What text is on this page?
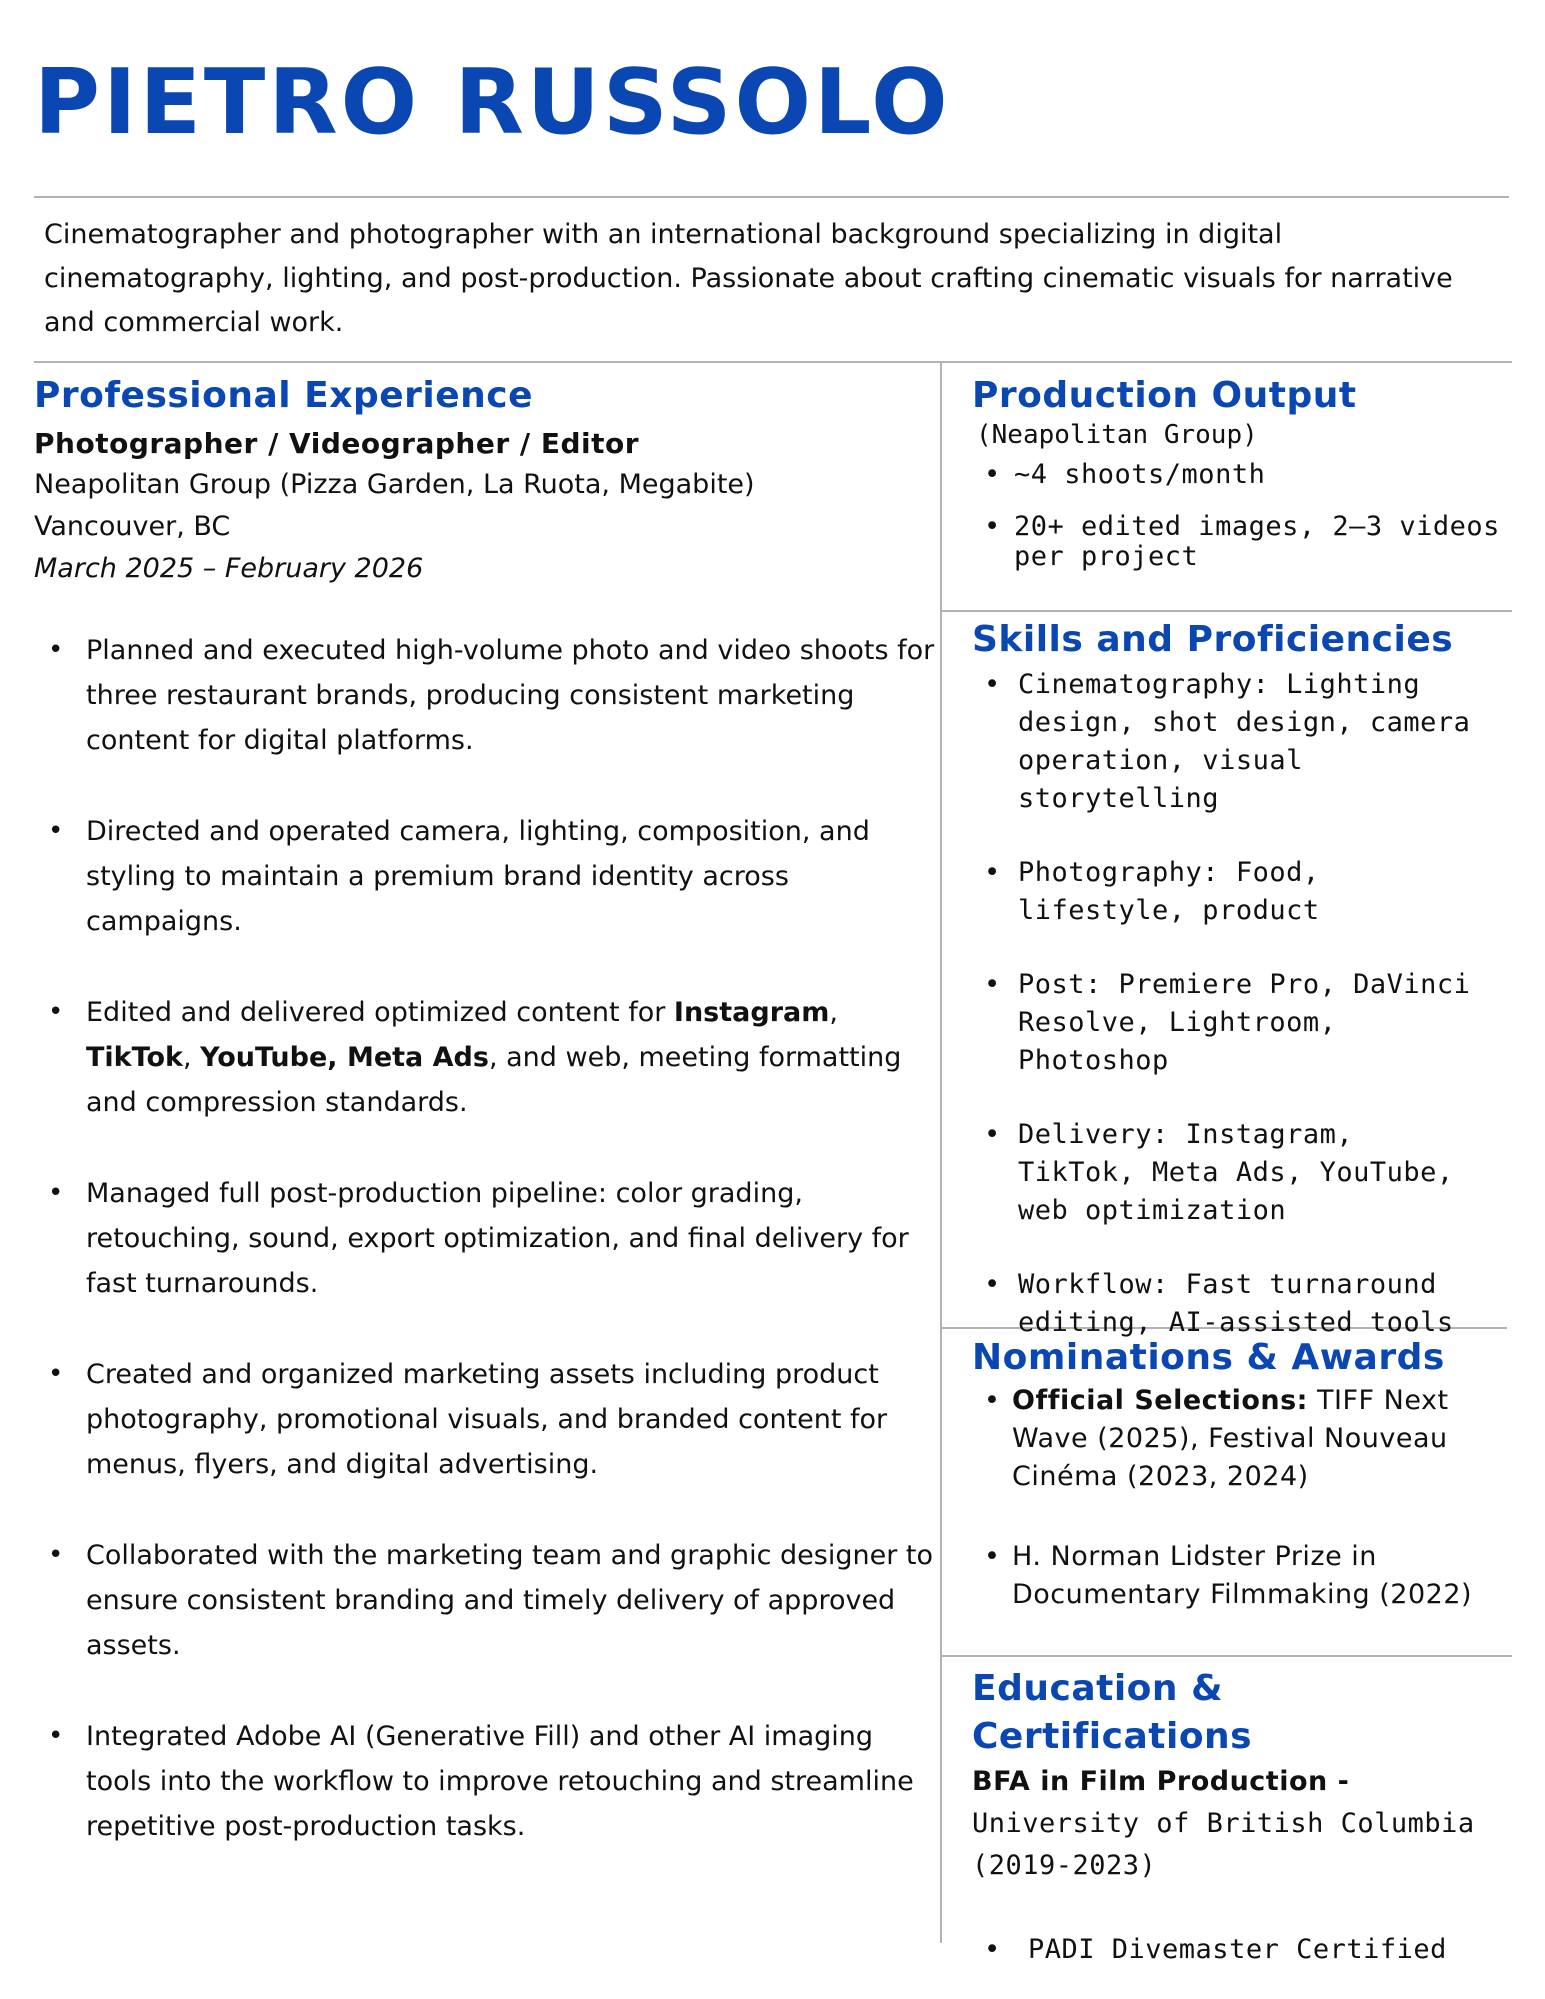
PIETRO RUSSOLO

Cinematographer and photographer with an international background specializing in digital cinematography, lighting, and post-production. Passionate about crafting cinematic visuals for narrative and commercial work.

Professional Experience
Photographer / Videographer / Editor
Neapolitan Group (Pizza Garden, La Ruota, Megabite)
Vancouver, BC
March 2025 – February 2026
• Planned and executed high-volume photo and video shoots for three restaurant brands, producing consistent marketing content for digital platforms.
• Directed and operated camera, lighting, composition, and styling to maintain a premium brand identity across campaigns.
• Edited and delivered optimized content for Instagram, TikTok, YouTube, Meta Ads, and web, meeting formatting and compression standards.
• Managed full post-production pipeline: color grading, retouching, sound, export optimization, and final delivery for fast turnarounds.
• Created and organized marketing assets including product photography, promotional visuals, and branded content for menus, flyers, and digital advertising.
• Collaborated with the marketing team and graphic designer to ensure consistent branding and timely delivery of approved assets.
• Integrated Adobe AI (Generative Fill) and other AI imaging tools into the workflow to improve retouching and streamline repetitive post-production tasks.
Production Output
(Neapolitan Group)
• ~4 shoots/month
• 20+ edited images, 2–3 videos per project
Skills and Proficiencies
• Cinematography: Lighting design, shot design, camera operation, visual storytelling
• Photography: Food, lifestyle, product
• Post: Premiere Pro, DaVinci Resolve, Lightroom, Photoshop
• Delivery: Instagram, TikTok, Meta Ads, YouTube, web optimization
• Workflow: Fast turnaround editing, AI-assisted tools
Nominations & Awards
• Official Selections: TIFF Next Wave (2025), Festival Nouveau Cinéma (2023, 2024)
• H. Norman Lidster Prize in Documentary Filmmaking (2022)
Education & Certifications
BFA in Film Production - University of British Columbia (2019-2023)
• PADI Divemaster Certified
